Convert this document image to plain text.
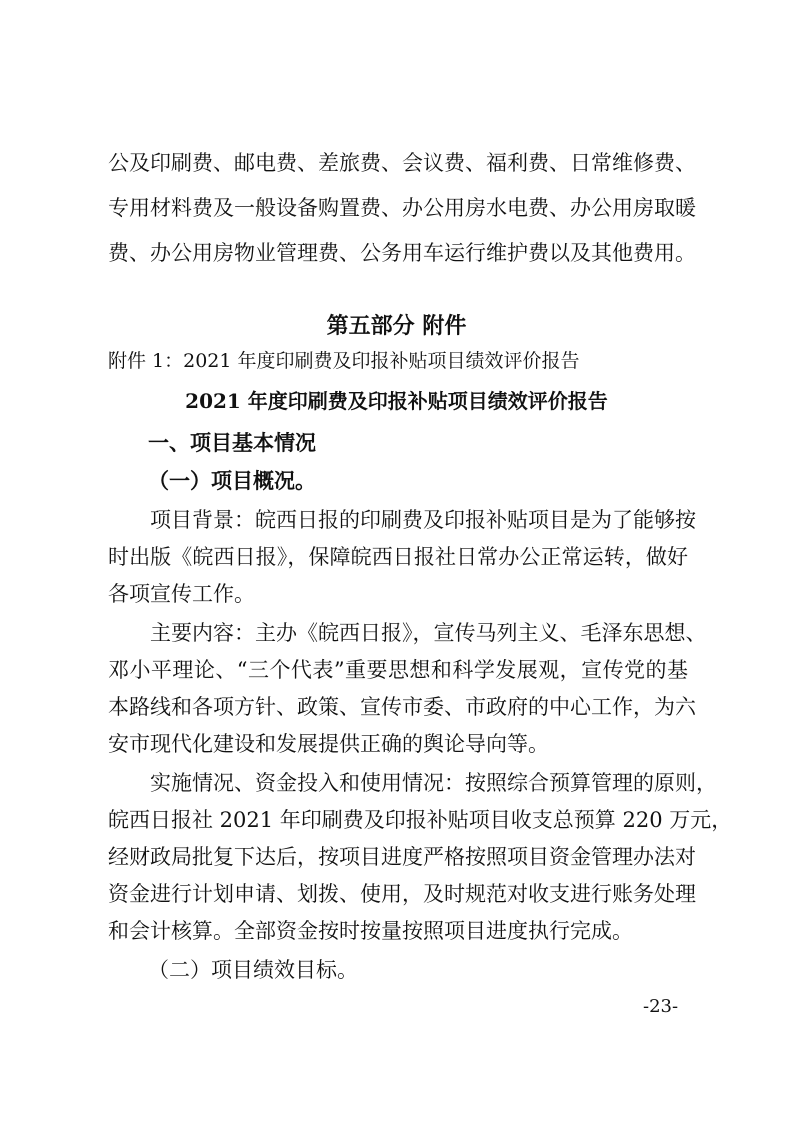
公及印刷费、邮电费、差旅费、会议费、福利费、日常维修费、
专用材料费及一般设备购置费、办公用房水电费、办公用房取暖
费、办公用房物业管理费、公务用车运行维护费以及其他费用。
第五部分 附件
附件 1：2021 年度印刷费及印报补贴项目绩效评价报告
2021 年度印刷费及印报补贴项目绩效评价报告
一、项目基本情况
（一）项目概况。
项目背景：皖西日报的印刷费及印报补贴项目是为了能够按
时出版《皖西日报》，保障皖西日报社日常办公正常运转，做好
各项宣传工作。
主要内容：主办《皖西日报》，宣传马列主义、毛泽东思想、
邓小平理论、“三个代表”重要思想和科学发展观，宣传党的基
本路线和各项方针、政策、宣传市委、市政府的中心工作，为六
安市现代化建设和发展提供正确的舆论导向等。
实施情况、资金投入和使用情况：按照综合预算管理的原则，
皖西日报社 2021 年印刷费及印报补贴项目收支总预算 220 万元，
经财政局批复下达后，按项目进度严格按照项目资金管理办法对
资金进行计划申请、划拨、使用，及时规范对收支进行账务处理
和会计核算。全部资金按时按量按照项目进度执行完成。
（二）项目绩效目标。
-23-
